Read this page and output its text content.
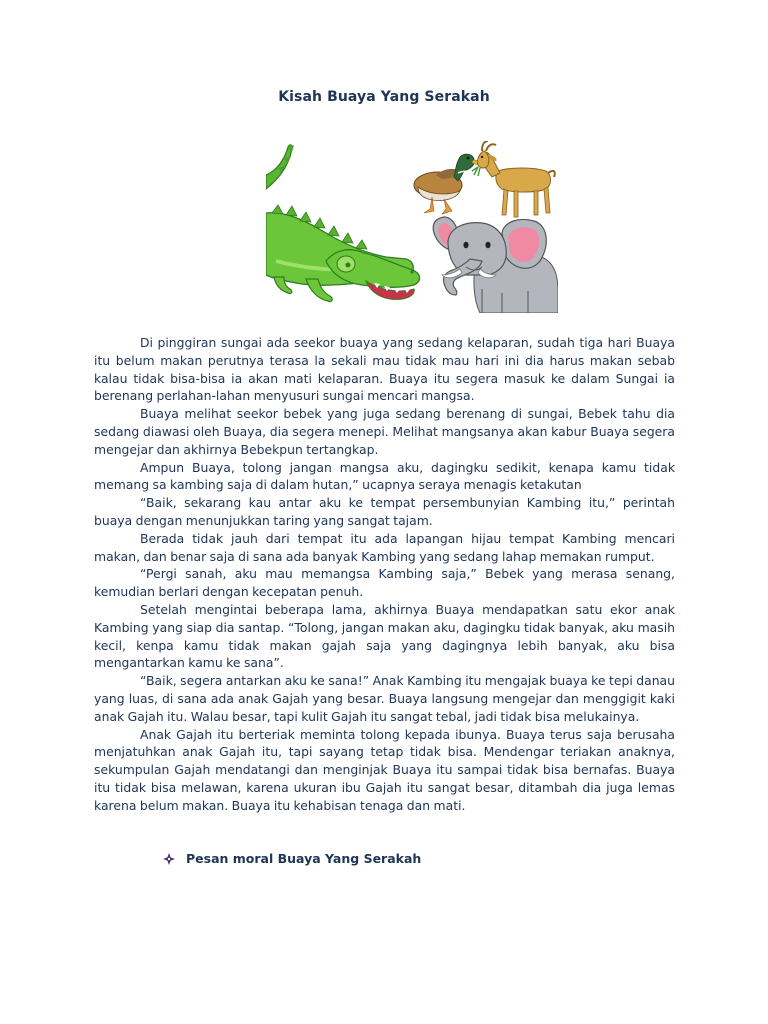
Kisah Buaya Yang Serakah

Di pinggiran sungai ada seekor buaya yang sedang kelaparan, sudah tiga hari Buaya itu belum makan perutnya terasa la sekali mau tidak mau hari ini dia harus makan sebab kalau tidak bisa-bisa ia akan mati kelaparan. Buaya itu segera masuk ke dalam Sungai ia berenang perlahan-lahan menyusuri sungai mencari mangsa.

Buaya melihat seekor bebek yang juga sedang berenang di sungai, Bebek tahu dia sedang diawasi oleh Buaya, dia segera menepi. Melihat mangsanya akan kabur Buaya segera mengejar dan akhirnya Bebekpun tertangkap.

Ampun Buaya, tolong jangan mangsa aku, dagingku sedikit, kenapa kamu tidak memang sa kambing saja di dalam hutan,” ucapnya seraya menagis ketakutan

“Baik, sekarang kau antar aku ke tempat persembunyian Kambing itu,” perintah buaya dengan menunjukkan taring yang sangat tajam.

Berada tidak jauh dari tempat itu ada lapangan hijau tempat Kambing mencari makan, dan benar saja di sana ada banyak Kambing yang sedang lahap memakan rumput.

“Pergi sanah, aku mau memangsa Kambing saja,” Bebek yang merasa senang, kemudian berlari dengan kecepatan penuh.

Setelah mengintai beberapa lama, akhirnya Buaya mendapatkan satu ekor anak Kambing yang siap dia santap. “Tolong, jangan makan aku, dagingku tidak banyak, aku masih kecil, kenpa kamu tidak makan gajah saja yang dagingnya lebih banyak, aku bisa mengantarkan kamu ke sana”.

“Baik, segera antarkan aku ke sana!” Anak Kambing itu mengajak buaya ke tepi danau yang luas, di sana ada anak Gajah yang besar. Buaya langsung mengejar dan menggigit kaki anak Gajah itu. Walau besar, tapi kulit Gajah itu sangat tebal, jadi tidak bisa melukainya.

Anak Gajah itu berteriak meminta tolong kepada ibunya. Buaya terus saja berusaha menjatuhkan anak Gajah itu, tapi sayang tetap tidak bisa. Mendengar teriakan anaknya, sekumpulan Gajah mendatangi dan menginjak Buaya itu sampai tidak bisa bernafas. Buaya itu tidak bisa melawan, karena ukuran ibu Gajah itu sangat besar, ditambah dia juga lemas karena belum makan. Buaya itu kehabisan tenaga dan mati.

Pesan moral Buaya Yang Serakah
